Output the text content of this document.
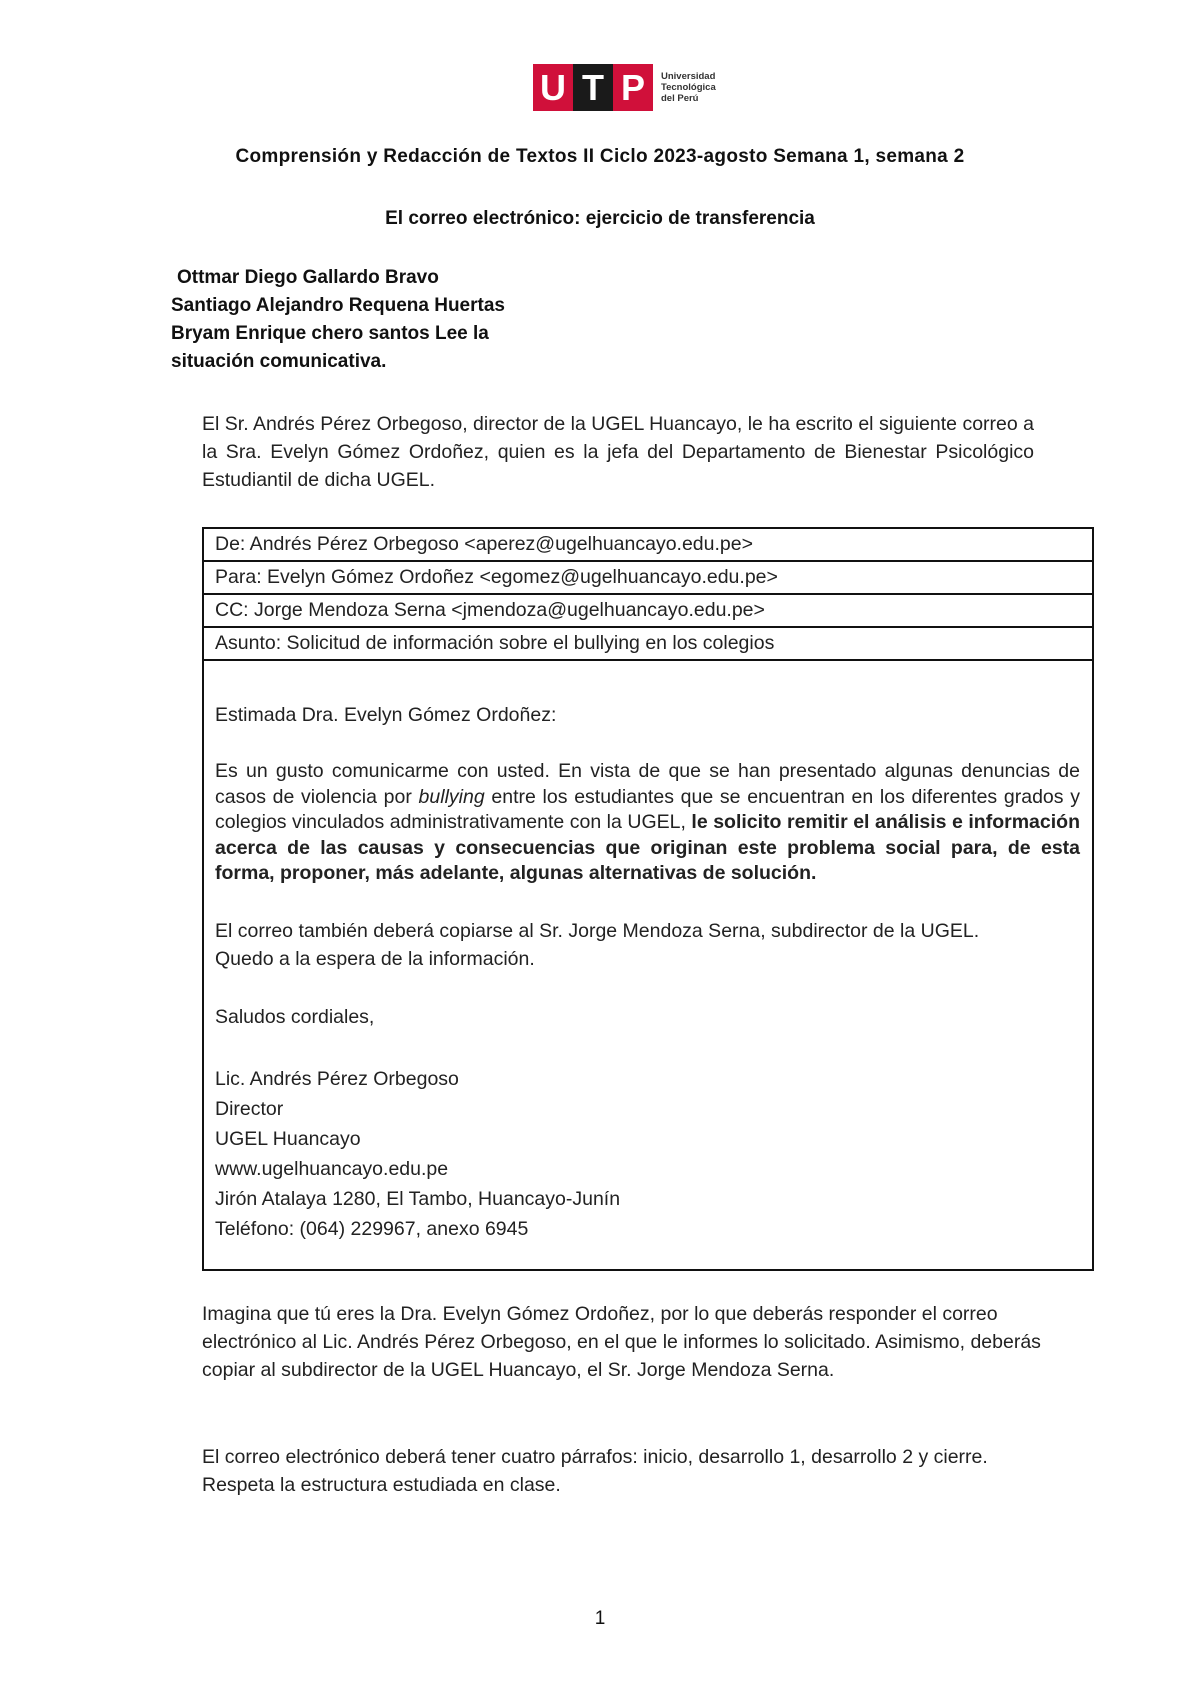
U T P	Universidad
Tecnológica
del Perú
Comprensión y Redacción de Textos II Ciclo 2023-agosto Semana 1, semana 2
El correo electrónico: ejercicio de transferencia
Ottmar Diego Gallardo Bravo
Santiago Alejandro Requena Huertas
Bryam Enrique chero santos Lee la
situación comunicativa.
El Sr. Andrés Pérez Orbegoso, director de la UGEL Huancayo, le ha escrito el siguiente correo a la Sra. Evelyn Gómez Ordoñez, quien es la jefa del Departamento de Bienestar Psicológico Estudiantil de dicha UGEL.
De: Andrés Pérez Orbegoso <aperez@ugelhuancayo.edu.pe>
Para: Evelyn Gómez Ordoñez <egomez@ugelhuancayo.edu.pe>
CC: Jorge Mendoza Serna <jmendoza@ugelhuancayo.edu.pe>
Asunto: Solicitud de información sobre el bullying en los colegios
Estimada Dra. Evelyn Gómez Ordoñez:
Es un gusto comunicarme con usted. En vista de que se han presentado algunas denuncias de casos de violencia por bullying entre los estudiantes que se encuentran en los diferentes grados y colegios vinculados administrativamente con la UGEL, le solicito remitir el análisis e información acerca de las causas y consecuencias que originan este problema social para, de esta forma, proponer, más adelante, algunas alternativas de solución.
El correo también deberá copiarse al Sr. Jorge Mendoza Serna, subdirector de la UGEL.
Quedo a la espera de la información.
Saludos cordiales,
Lic. Andrés Pérez Orbegoso
Director
UGEL Huancayo
www.ugelhuancayo.edu.pe
Jirón Atalaya 1280, El Tambo, Huancayo-Junín
Teléfono: (064) 229967, anexo 6945
Imagina que tú eres la Dra. Evelyn Gómez Ordoñez, por lo que deberás responder el correo electrónico al Lic. Andrés Pérez Orbegoso, en el que le informes lo solicitado. Asimismo, deberás copiar al subdirector de la UGEL Huancayo, el Sr. Jorge Mendoza Serna.
El correo electrónico deberá tener cuatro párrafos: inicio, desarrollo 1, desarrollo 2 y cierre. Respeta la estructura estudiada en clase.
1
